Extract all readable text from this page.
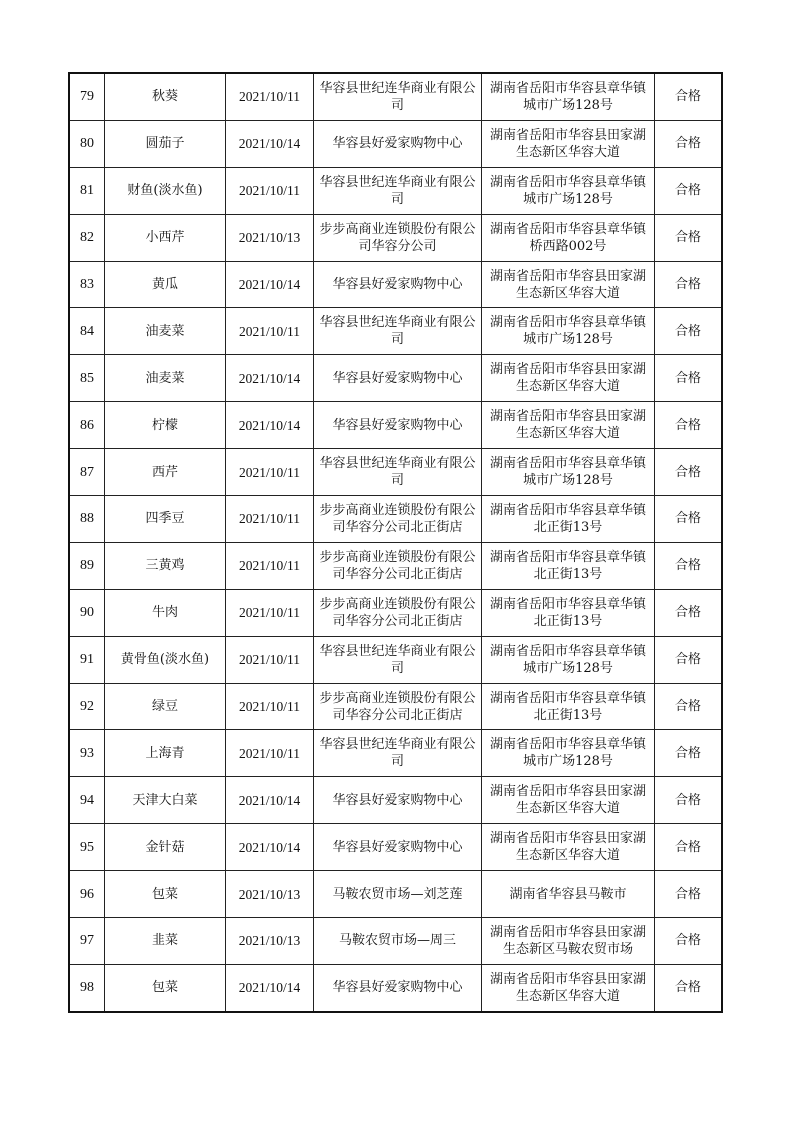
79	秋葵	2021/10/11	华容县世纪连华商业有限公司	湖南省岳阳市华容县章华镇城市广场128号	合格
80	圆茄子	2021/10/14	华容县好爱家购物中心	湖南省岳阳市华容县田家湖生态新区华容大道	合格
81	财鱼(淡水鱼)	2021/10/11	华容县世纪连华商业有限公司	湖南省岳阳市华容县章华镇城市广场128号	合格
82	小西芹	2021/10/13	步步高商业连锁股份有限公司华容分公司	湖南省岳阳市华容县章华镇桥西路002号	合格
83	黄瓜	2021/10/14	华容县好爱家购物中心	湖南省岳阳市华容县田家湖生态新区华容大道	合格
84	油麦菜	2021/10/11	华容县世纪连华商业有限公司	湖南省岳阳市华容县章华镇城市广场128号	合格
85	油麦菜	2021/10/14	华容县好爱家购物中心	湖南省岳阳市华容县田家湖生态新区华容大道	合格
86	柠檬	2021/10/14	华容县好爱家购物中心	湖南省岳阳市华容县田家湖生态新区华容大道	合格
87	西芹	2021/10/11	华容县世纪连华商业有限公司	湖南省岳阳市华容县章华镇城市广场128号	合格
88	四季豆	2021/10/11	步步高商业连锁股份有限公司华容分公司北正街店	湖南省岳阳市华容县章华镇北正街13号	合格
89	三黄鸡	2021/10/11	步步高商业连锁股份有限公司华容分公司北正街店	湖南省岳阳市华容县章华镇北正街13号	合格
90	牛肉	2021/10/11	步步高商业连锁股份有限公司华容分公司北正街店	湖南省岳阳市华容县章华镇北正街13号	合格
91	黄骨鱼(淡水鱼)	2021/10/11	华容县世纪连华商业有限公司	湖南省岳阳市华容县章华镇城市广场128号	合格
92	绿豆	2021/10/11	步步高商业连锁股份有限公司华容分公司北正街店	湖南省岳阳市华容县章华镇北正街13号	合格
93	上海青	2021/10/11	华容县世纪连华商业有限公司	湖南省岳阳市华容县章华镇城市广场128号	合格
94	天津大白菜	2021/10/14	华容县好爱家购物中心	湖南省岳阳市华容县田家湖生态新区华容大道	合格
95	金针菇	2021/10/14	华容县好爱家购物中心	湖南省岳阳市华容县田家湖生态新区华容大道	合格
96	包菜	2021/10/13	马鞍农贸市场—刘芝莲	湖南省华容县马鞍市	合格
97	韭菜	2021/10/13	马鞍农贸市场—周三	湖南省岳阳市华容县田家湖生态新区马鞍农贸市场	合格
98	包菜	2021/10/14	华容县好爱家购物中心	湖南省岳阳市华容县田家湖生态新区华容大道	合格
